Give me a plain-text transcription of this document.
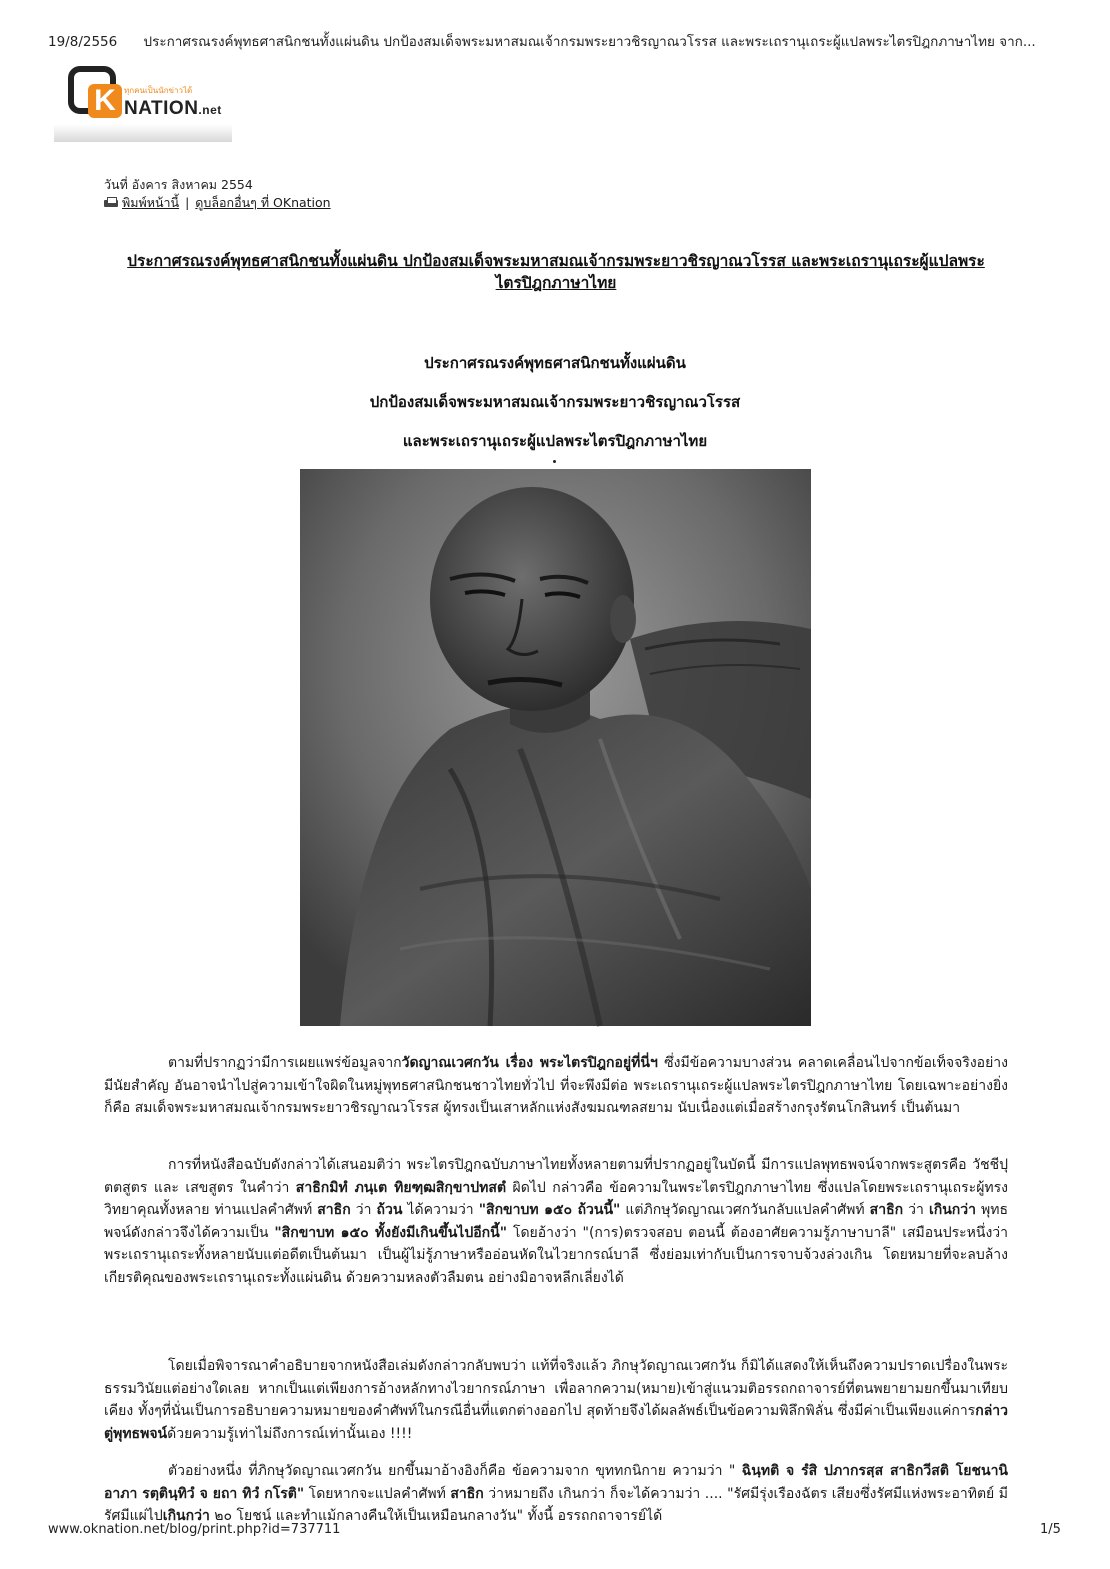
19/8/2556 ประกาศรณรงค์พุทธศาสนิกชนทั้งแผ่นดิน ปกป้องสมเด็จพระมหาสมณเจ้ากรมพระยาวชิรญาณวโรรส และพระเถรานุเถระผู้แปลพระไตรปิฎกภาษาไทย จาก...
K	ทุกคนเป็นนักข่าวได้
NATION.net
วันที่ อังคาร สิงหาคม 2554
พิมพ์หน้านี้ | ดูบล็อกอื่นๆ ที่ OKnation
ประกาศรณรงค์พุทธศาสนิกชนทั้งแผ่นดิน ปกป้องสมเด็จพระมหาสมณเจ้ากรมพระยาวชิรญาณวโรรส และพระเถรานุเถระผู้แปลพระไตรปิฎกภาษาไทย
ประกาศรณรงค์พุทธศาสนิกชนทั้งแผ่นดิน
ปกป้องสมเด็จพระมหาสมณเจ้ากรมพระยาวชิรญาณวโรรส
และพระเถรานุเถระผู้แปลพระไตรปิฎกภาษาไทย
ตามที่ปรากฏว่ามีการเผยแพร่ข้อมูลจากวัดญาณเวศกวัน เรื่อง พระไตรปิฎกอยู่ที่นี่ฯ ซึ่งมีข้อความบางส่วน คลาดเคลื่อนไปจากข้อเท็จจริงอย่างมีนัยสำคัญ อันอาจนำไปสู่ความเข้าใจผิดในหมู่พุทธศาสนิกชนชาวไทยทั่วไป ที่จะพึงมีต่อ พระเถรานุเถระผู้แปลพระไตรปิฎกภาษาไทย โดยเฉพาะอย่างยิ่งก็คือ สมเด็จพระมหาสมณเจ้ากรมพระยาวชิรญาณวโรรส ผู้ทรงเป็นเสาหลักแห่งสังฆมณฑลสยาม นับเนื่องแต่เมื่อสร้างกรุงรัตนโกสินทร์ เป็นต้นมา
การที่หนังสือฉบับดังกล่าวได้เสนอมติว่า พระไตรปิฎกฉบับภาษาไทยทั้งหลายตามที่ปรากฏอยู่ในบัดนี้ มีการแปลพุทธพจน์จากพระสูตรคือ วัชชีปุตตสูตร และ เสขสูตร ในคำว่า สาธิกมิทํ ภนฺเต ทิยฑฺฒสิกฺขาปทสตํ ผิดไป กล่าวคือ ข้อความในพระไตรปิฎกภาษาไทย ซึ่งแปลโดยพระเถรานุเถระผู้ทรงวิทยาคุณทั้งหลาย ท่านแปลคำศัพท์ สาธิก ว่า ถ้วน ได้ความว่า "สิกขาบท ๑๕๐ ถ้วนนี้" แต่ภิกษุวัดญาณเวศกวันกลับแปลคำศัพท์ สาธิก ว่า เกินกว่า พุทธพจน์ดังกล่าวจึงได้ความเป็น "สิกขาบท ๑๕๐ ทั้งยังมีเกินขึ้นไปอีกนี้" โดยอ้างว่า "(การ)ตรวจสอบ ตอนนี้ ต้องอาศัยความรู้ภาษาบาลี" เสมือนประหนึ่งว่า พระเถรานุเถระทั้งหลายนับแต่อดีตเป็นต้นมา เป็นผู้ไม่รู้ภาษาหรืออ่อนหัดในไวยากรณ์บาลี ซึ่งย่อมเท่ากับเป็นการจาบจ้วงล่วงเกิน โดยหมายที่จะลบล้างเกียรติคุณของพระเถรานุเถระทั้งแผ่นดิน ด้วยความหลงตัวลืมตน อย่างมิอาจหลีกเลี่ยงได้
โดยเมื่อพิจารณาคำอธิบายจากหนังสือเล่มดังกล่าวกลับพบว่า แท้ที่จริงแล้ว ภิกษุวัดญาณเวศกวัน ก็มิได้แสดงให้เห็นถึงความปราดเปรื่องในพระธรรมวินัยแต่อย่างใดเลย หากเป็นแต่เพียงการอ้างหลักทางไวยากรณ์ภาษา เพื่อลากความ(หมาย)เข้าสู่แนวมติอรรถกถาจารย์ที่ตนพยายามยกขึ้นมาเทียบเคียง ทั้งๆที่นั่นเป็นการอธิบายความหมายของคำศัพท์ในกรณีอื่นที่แตกต่างออกไป สุดท้ายจึงได้ผลลัพธ์เป็นข้อความพิลึกพิลั่น ซึ่งมีค่าเป็นเพียงแค่การกล่าวตู่พุทธพจน์ด้วยความรู้เท่าไม่ถึงการณ์เท่านั้นเอง !!!!
ตัวอย่างหนึ่ง ที่ภิกษุวัดญาณเวศกวัน ยกขึ้นมาอ้างอิงก็คือ ข้อความจาก ขุททกนิกาย ความว่า " ฉินฺทติ จ รํสิ ปภากรสฺส สาธิกวีสติ โยชนานิ อาภา รตฺตินฺทิวํ จ ยถา ทิวํ กโรติ" โดยหากจะแปลคำศัพท์ สาธิก ว่าหมายถึง เกินกว่า ก็จะได้ความว่า .... "รัศมีรุ่งเรืองฉัตร เสียงซึ่งรัศมีแห่งพระอาทิตย์ มีรัศมีแผ่ไปเกินกว่า ๒๐ โยชน์ และทำแม้กลางคืนให้เป็นเหมือนกลางวัน" ทั้งนี้ อรรถกถาจารย์ได้
www.oknation.net/blog/print.php?id=737711	1/5
